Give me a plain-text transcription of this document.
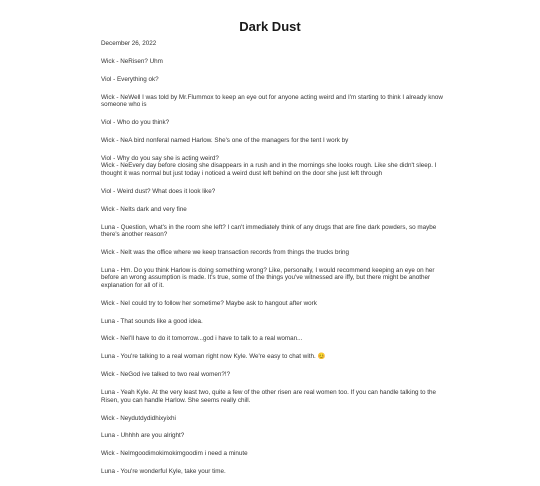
Dark Dust

December 26, 2022

Wick - NeRisen? Uhm

Viol - Everything ok?

Wick - NeWell I was told by Mr.Flummox to keep an eye out for anyone acting weird and I'm starting to think I already know someone who is

Viol - Who do you think?

Wick - NeA bird nonferal named Harlow. She's one of the managers for the tent I work by

Viol - Why do you say she is acting weird?
Wick - NeEvery day before closing she disappears in a rush and in the mornings she looks rough. Like she didn't sleep. I thought it was normal but just today i noticed a weird dust left behind on the door she just left through

Viol - Weird dust? What does it look like?

Wick - NeIts dark and very fine

Luna - Question, what's in the room she left? I can't immediately think of any drugs that are fine dark powders, so maybe there's another reason?

Wick - NeIt was the office where we keep transaction records from things the trucks bring

Luna - Hm. Do you think Harlow is doing something wrong? Like, personally, I would recommend keeping an eye on her before an wrong assumption is made. It's true, some of the things you've witnessed are iffy, but there might be another explanation for all of it.

Wick - NeI could try to follow her sometime? Maybe ask to hangout after work

Luna - That sounds like a good idea.

Wick - NeI'll have to do it tomorrow...god i have to talk to a real woman...

Luna - You're talking to a real woman right now Kyle. We're easy to chat with. 😊

Wick - NeGod ive talked to two real women?!?

Luna - Yeah Kyle. At the very least two, quite a few of the other risen are real women too. If you can handle talking to the Risen, you can handle Harlow. She seems really chill.

Wick - Neydutdydidhixyixhi

Luna - Uhhhh are you alright?

Wick - Nelmgoodimokimokimgoodim i need a minute

Luna - You're wonderful Kyle, take your time.
